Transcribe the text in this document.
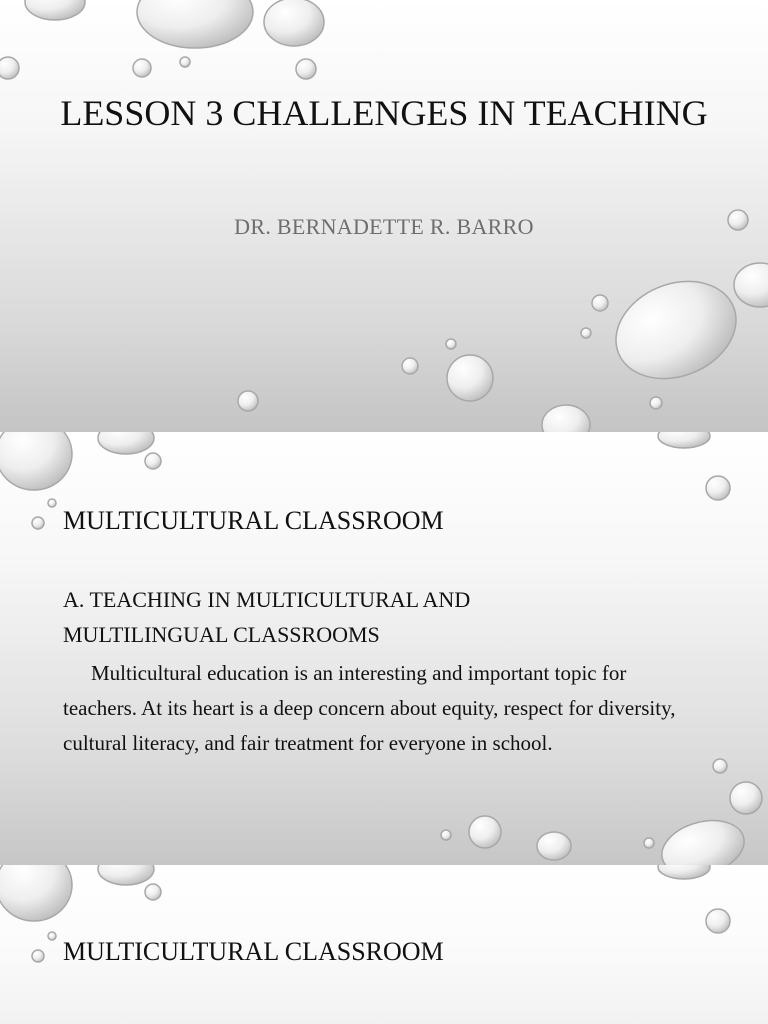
LESSON 3 CHALLENGES IN TEACHING
DR. BERNADETTE R. BARRO
MULTICULTURAL CLASSROOM
A. TEACHING IN MULTICULTURAL AND MULTILINGUAL CLASSROOMS
Multicultural education is an interesting and important topic for teachers. At its heart is a deep concern about equity, respect for diversity, cultural literacy, and fair treatment for everyone in school.
MULTICULTURAL CLASSROOM
